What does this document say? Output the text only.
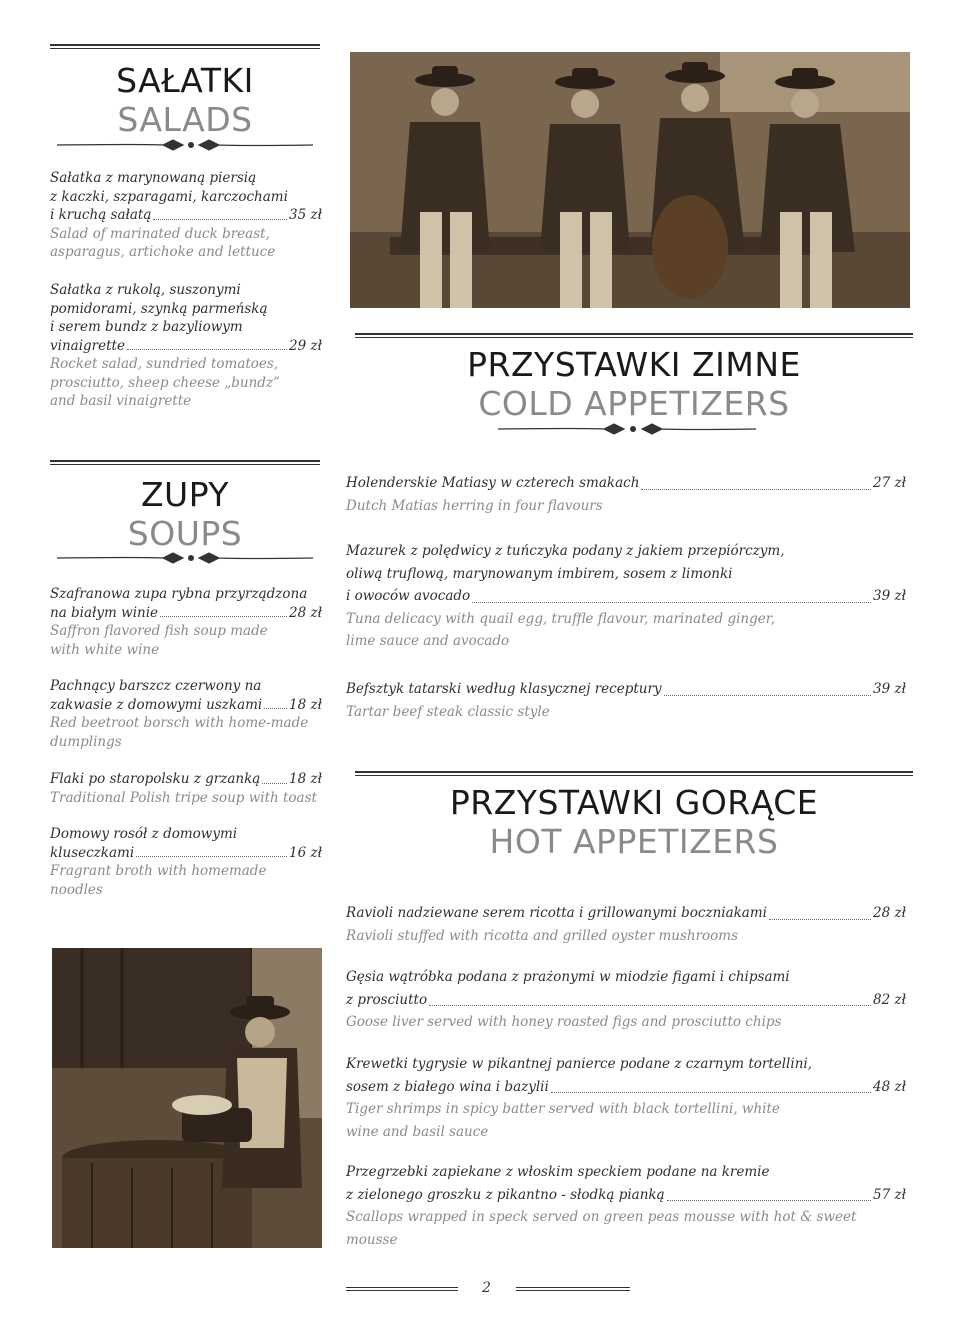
SAŁATKI
SALADS
Sałatka z marynowaną piersią
z kaczki, szparagami, karczochami
i kruchą sałatą	35 zł
Salad of marinated duck breast,
asparagus, artichoke and lettuce
Sałatka z rukolą, suszonymi
pomidorami, szynką parmeńską
i serem bundz z bazyliowym
vinaigrette	29 zł
Rocket salad, sundried tomatoes,
prosciutto, sheep cheese „bundz”
and basil vinaigrette
PRZYSTAWKI ZIMNE
COLD APPETIZERS
Holenderskie Matiasy w czterech smakach	27 zł
Dutch Matias herring in four flavours
Mazurek z polędwicy z tuńczyka podany z jakiem przepiórczym,
oliwą truflową, marynowanym imbirem, sosem z limonki
i owoców avocado	39 zł
Tuna delicacy with quail egg, truffle flavour, marinated ginger,
lime sauce and avocado
Befsztyk tatarski według klasycznej receptury	39 zł
Tartar beef steak classic style
ZUPY
SOUPS
Szafranowa zupa rybna przyrządzona
na białym winie	28 zł
Saffron flavored fish soup made
with white wine
Pachnący barszcz czerwony na
zakwasie z domowymi uszkami 18 zł
Red beetroot borsch with home-made
dumplings
Flaki po staropolsku z grzanką 18 zł
Traditional Polish tripe soup with toast
Domowy rosół z domowymi
kluseczkami	16 zł
Fragrant broth with homemade noodles
PRZYSTAWKI GORĄCE
HOT APPETIZERS
Ravioli nadziewane serem ricotta i grillowanymi boczniakami	28 zł
Ravioli stuffed with ricotta and grilled oyster mushrooms
Gęsia wątróbka podana z prażonymi w miodzie figami i chipsami
z prosciutto	82 zł
Goose liver served with honey roasted figs and prosciutto chips
Krewetki tygrysie w pikantnej panierce podane z czarnym tortellini,
sosem z białego wina i bazylii	48 zł
Tiger shrimps in spicy batter served with black tortellini, white
wine and basil sauce
Przegrzebki zapiekane z włoskim speckiem podane na kremie
z zielonego groszku z pikantno - słodką pianką	57 zł
Scallops wrapped in speck served on green peas mousse with hot & sweet mousse
2
